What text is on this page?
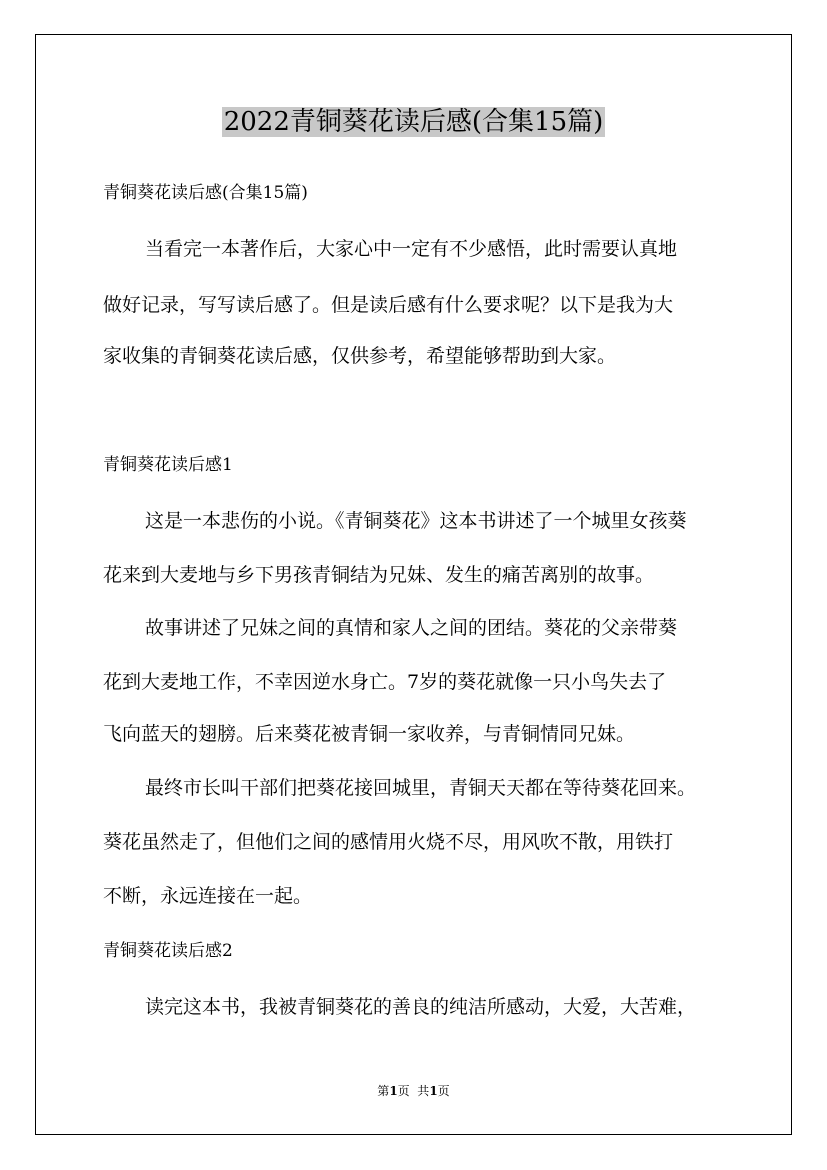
2022青铜葵花读后感(合集15篇)
青铜葵花读后感(合集15篇)

当看完一本著作后，大家心中一定有不少感悟，此时需要认真地

做好记录，写写读后感了。但是读后感有什么要求呢？以下是我为大

家收集的青铜葵花读后感，仅供参考，希望能够帮助到大家。

青铜葵花读后感1

这是一本悲伤的小说。《青铜葵花》这本书讲述了一个城里女孩葵

花来到大麦地与乡下男孩青铜结为兄妹、发生的痛苦离别的故事。

故事讲述了兄妹之间的真情和家人之间的团结。葵花的父亲带葵

花到大麦地工作，不幸因逆水身亡。7岁的葵花就像一只小鸟失去了

飞向蓝天的翅膀。后来葵花被青铜一家收养，与青铜情同兄妹。

最终市长叫干部们把葵花接回城里，青铜天天都在等待葵花回来。

葵花虽然走了，但他们之间的感情用火烧不尽，用风吹不散，用铁打

不断，永远连接在一起。

青铜葵花读后感2

读完这本书，我被青铜葵花的善良的纯洁所感动，大爱，大苦难，

第1页  共1页
